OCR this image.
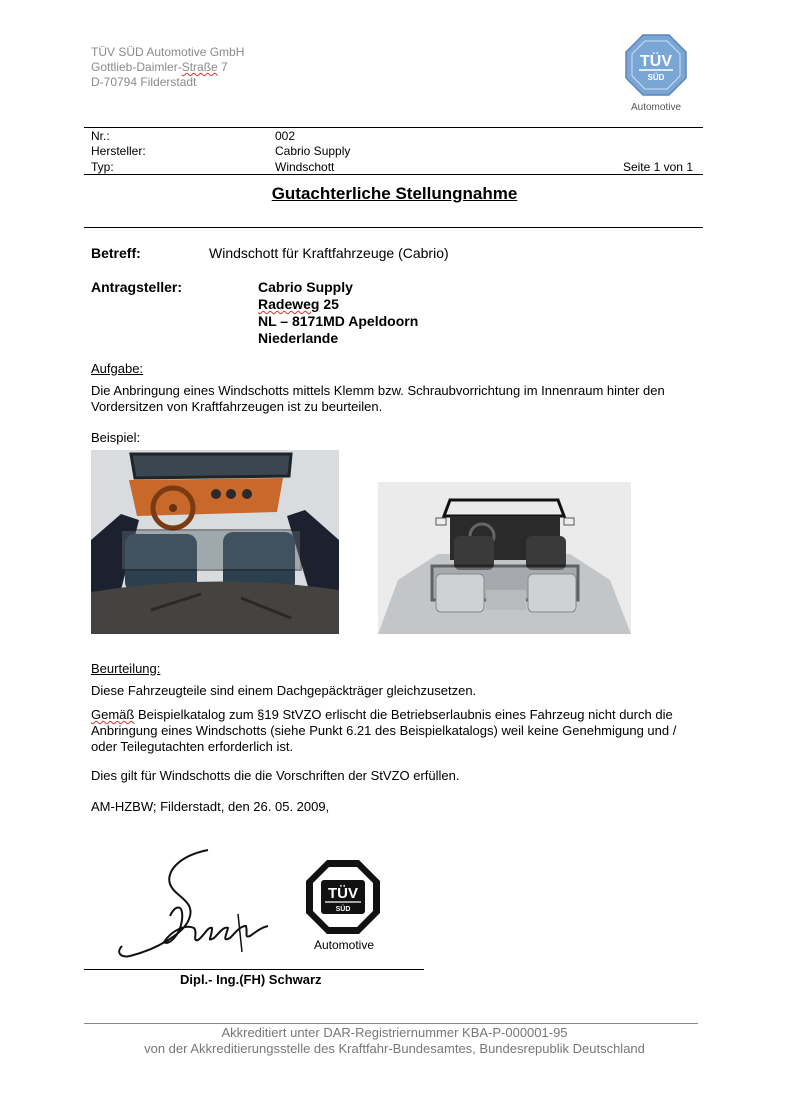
TÜV SÜD Automotive GmbH
Gottlieb-Daimler-Straße 7
D-70794 Filderstadt
TÜV
SÜD
Automotive
Nr.:	002
Hersteller:	Cabrio Supply
Typ:	Windschott	Seite 1 von 1
Gutachterliche Stellungnahme
Betreff:	Windschott für Kraftfahrzeuge (Cabrio)
Antragsteller:	Cabrio Supply
Radeweg 25
NL – 8171MD Apeldoorn
Niederlande
Aufgabe:
Die Anbringung eines Windschotts mittels Klemm bzw. Schraubvorrichtung im Innenraum hinter den
Vordersitzen von Kraftfahrzeugen ist zu beurteilen.
Beispiel:
Beurteilung:
Diese Fahrzeugteile sind einem Dachgepäckträger gleichzusetzen.
Gemäß Beispielkatalog zum §19 StVZO erlischt die Betriebserlaubnis eines Fahrzeug nicht durch die
Anbringung eines Windschotts (siehe Punkt 6.21 des Beispielkatalogs) weil keine Genehmigung und /
oder Teilegutachten erforderlich ist.
Dies gilt für Windschotts die die Vorschriften der StVZO erfüllen.
AM-HZBW; Filderstadt, den 26. 05. 2009,
TÜV
SÜD
Automotive
Dipl.- Ing.(FH) Schwarz
Akkreditiert unter DAR-Registriernummer KBA-P-000001-95
von der Akkreditierungsstelle des Kraftfahr-Bundesamtes, Bundesrepublik Deutschland
